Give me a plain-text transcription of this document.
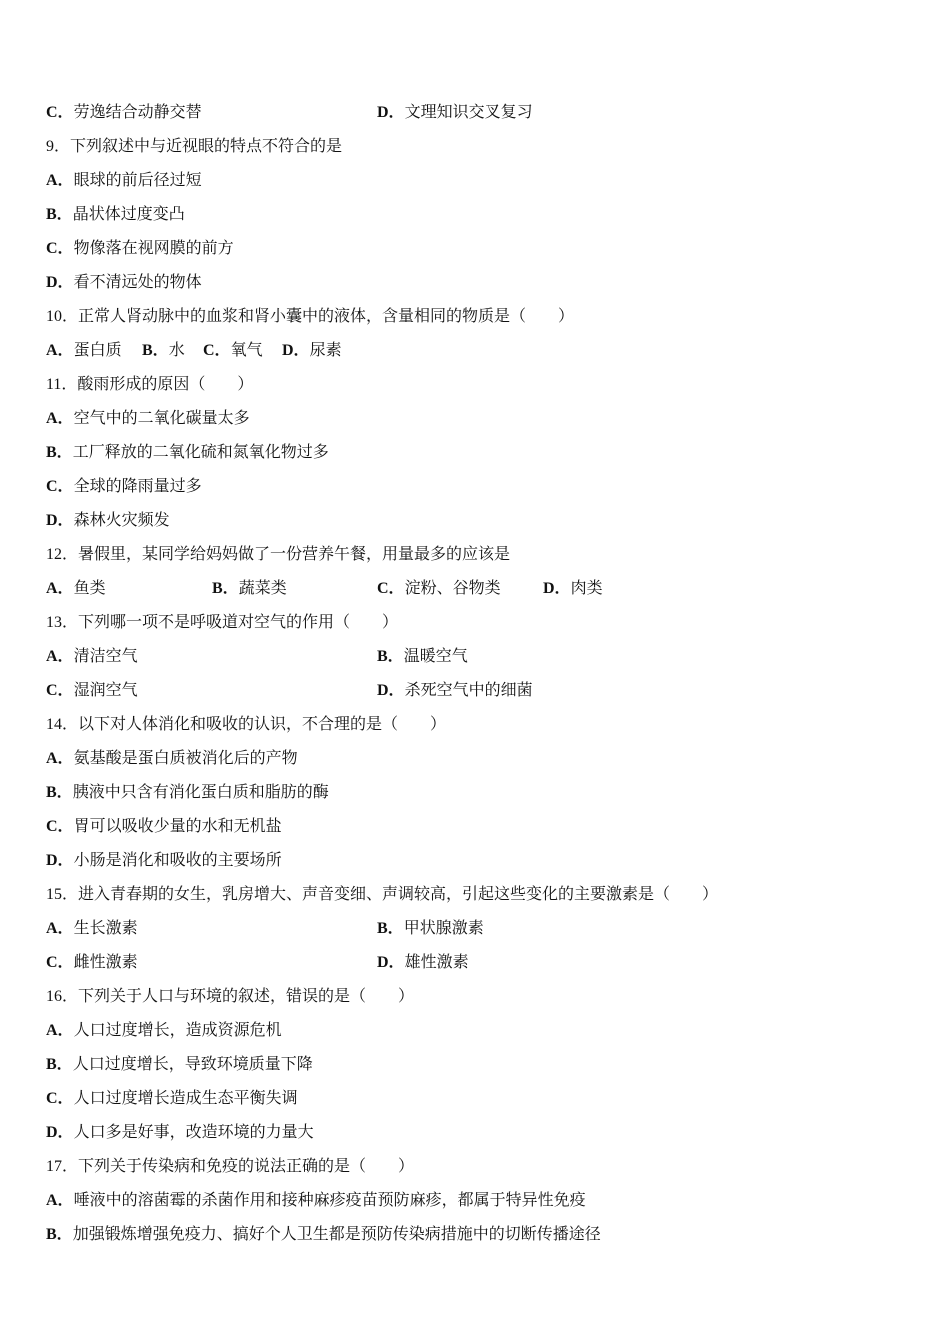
C．劳逸结合动静交替	D．文理知识交叉复习
9．下列叙述中与近视眼的特点不符合的是
A．眼球的前后径过短
B．晶状体过度变凸
C．物像落在视网膜的前方
D．看不清远处的物体
10．正常人肾动脉中的血浆和肾小囊中的液体，含量相同的物质是（　　）
A．蛋白质 B．水 C．氧气 D．尿素
11．酸雨形成的原因（　　）
A．空气中的二氧化碳量太多
B．工厂释放的二氧化硫和氮氧化物过多
C．全球的降雨量过多
D．森林火灾频发
12．暑假里，某同学给妈妈做了一份营养午餐，用量最多的应该是
A．鱼类	B．蔬菜类	C．淀粉、谷物类	D．肉类
13．下列哪一项不是呼吸道对空气的作用（　　）
A．清洁空气	B．温暖空气
C．湿润空气	D．杀死空气中的细菌
14．以下对人体消化和吸收的认识，不合理的是（　　）
A．氨基酸是蛋白质被消化后的产物
B．胰液中只含有消化蛋白质和脂肪的酶
C．胃可以吸收少量的水和无机盐
D．小肠是消化和吸收的主要场所
15．进入青春期的女生，乳房增大、声音变细、声调较高，引起这些变化的主要激素是（　　）
A．生长激素	B．甲状腺激素
C．雌性激素	D．雄性激素
16．下列关于人口与环境的叙述，错误的是（　　）
A．人口过度增长，造成资源危机
B．人口过度增长，导致环境质量下降
C．人口过度增长造成生态平衡失调
D．人口多是好事，改造环境的力量大
17．下列关于传染病和免疫的说法正确的是（　　）
A．唾液中的溶菌霉的杀菌作用和接种麻疹疫苗预防麻疹，都属于特异性免疫
B．加强锻炼增强免疫力、搞好个人卫生都是预防传染病措施中的切断传播途径
